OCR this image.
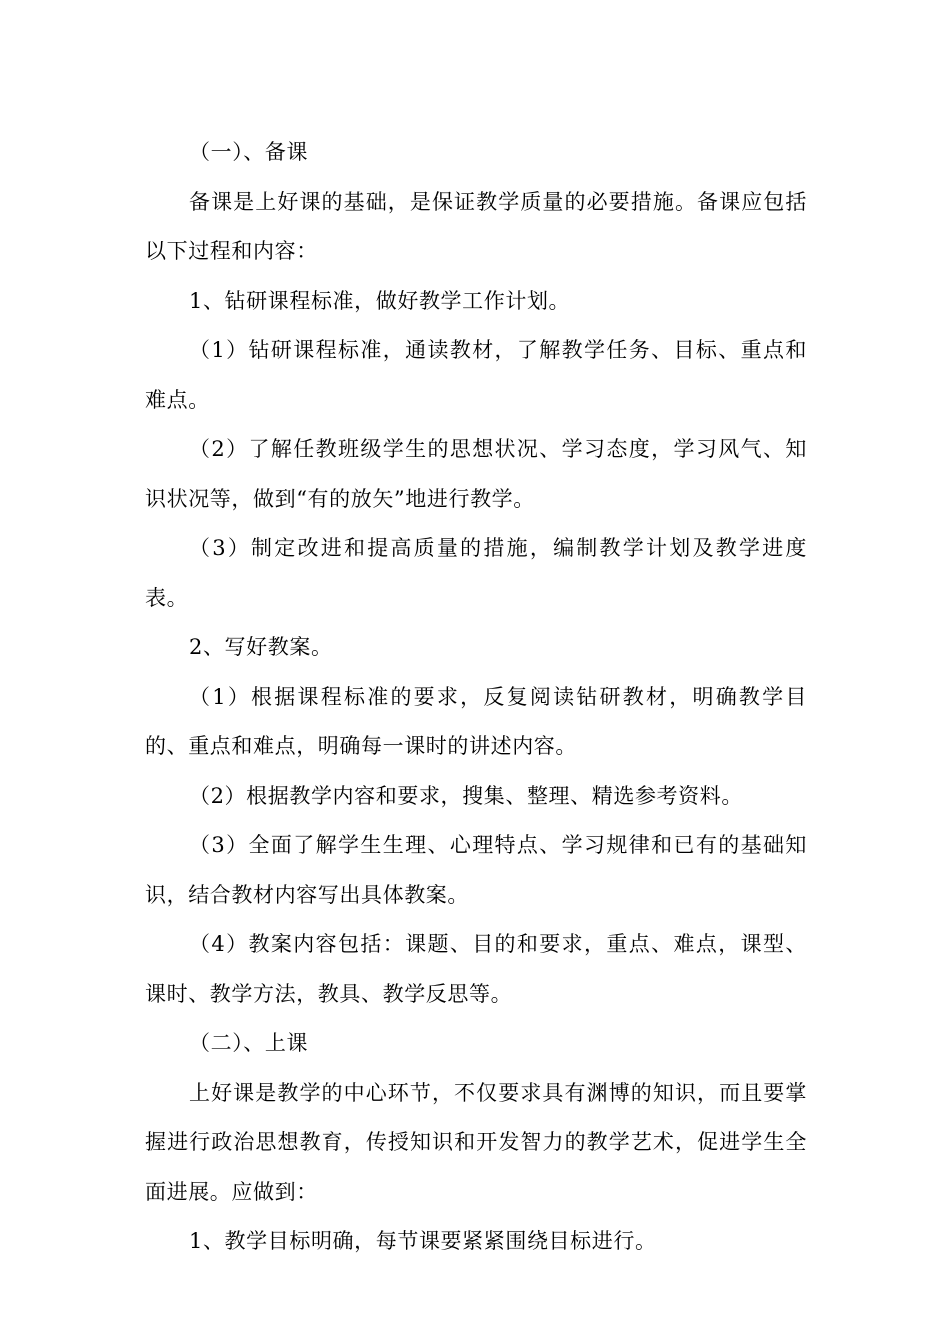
（一）、备课

备课是上好课的基础，是保证教学质量的必要措施。备课应包括以下过程和内容：

1、钻研课程标准，做好教学工作计划。

（1）钻研课程标准，通读教材，了解教学任务、目标、重点和难点。

（2）了解任教班级学生的思想状况、学习态度，学习风气、知识状况等，做到“有的放矢”地进行教学。

（3）制定改进和提高质量的措施，编制教学计划及教学进度表。

2、写好教案。

（1）根据课程标准的要求，反复阅读钻研教材，明确教学目的、重点和难点，明确每一课时的讲述内容。

（2）根据教学内容和要求，搜集、整理、精选参考资料。

（3）全面了解学生生理、心理特点、学习规律和已有的基础知识，结合教材内容写出具体教案。

（4）教案内容包括：课题、目的和要求，重点、难点，课型、课时、教学方法，教具、教学反思等。

（二）、上课

上好课是教学的中心环节，不仅要求具有渊博的知识，而且要掌握进行政治思想教育，传授知识和开发智力的教学艺术，促进学生全面进展。应做到：

1、教学目标明确，每节课要紧紧围绕目标进行。
